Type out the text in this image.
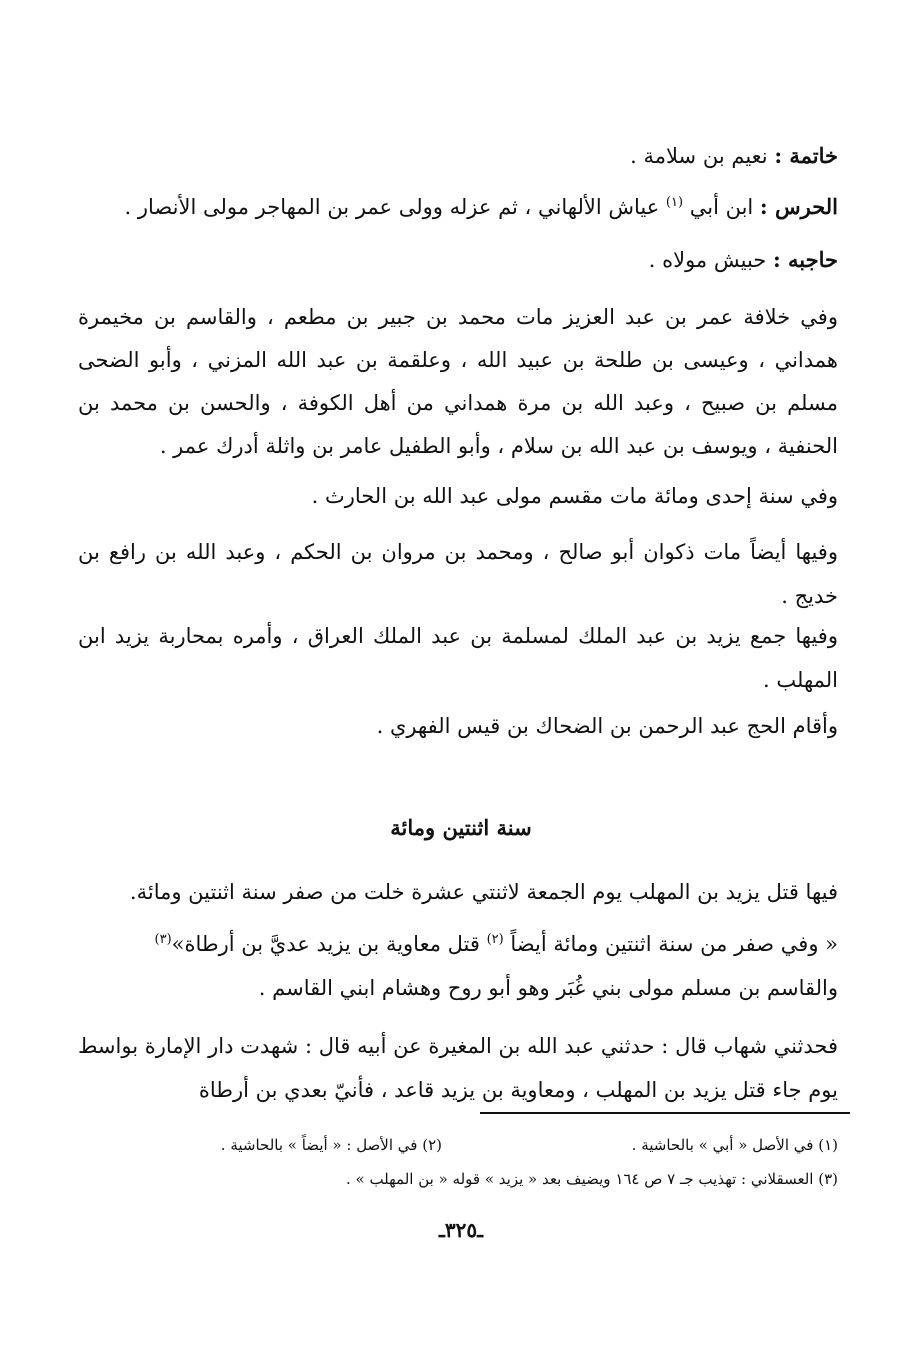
خاتمة : نعيم بن سلامة .
الحرس : ابن أبي $^{(١)}$ عياش الألهاني ، ثم عزله وولى عمر بن المهاجر مولى الأنصار .
حاجبه : حبيش مولاه .
وفي خلافة عمر بن عبد العزيز مات محمد بن جبير بن مطعم ، والقاسم بن مخيمرة همداني ، وعيسى بن طلحة بن عبيد الله ، وعلقمة بن عبد الله المزني ، وأبو الضحى مسلم بن صبيح ، وعبد الله بن مرة همداني من أهل الكوفة ، والحسن بن محمد بن الحنفية ، ويوسف بن عبد الله بن سلام ، وأبو الطفيل عامر بن واثلة أدرك عمر .
وفي سنة إحدى ومائة مات مقسم مولى عبد الله بن الحارث .
وفيها أيضاً مات ذكوان أبو صالح ، ومحمد بن مروان بن الحكم ، وعبد الله بن رافع بن خديج .
وفيها جمع يزيد بن عبد الملك لمسلمة بن عبد الملك العراق ، وأمره بمحاربة يزيد ابن المهلب .
وأقام الحج عبد الرحمن بن الضحاك بن قيس الفهري .
سنة اثنتين ومائة
فيها قتل يزيد بن المهلب يوم الجمعة لاثنتي عشرة خلت من صفر سنة اثنتين ومائة.
« وفي صفر من سنة اثنتين ومائة أيضاً $^{(٢)}$ قتل معاوية بن يزيد عديَّ بن أرطاة»$^{(٣)}$
والقاسم بن مسلم مولى بني غُبَر وهو أبو روح وهشام ابني القاسم .
فحدثني شهاب قال : حدثني عبد الله بن المغيرة عن أبيه قال : شهدت دار الإمارة بواسط يوم جاء قتل يزيد بن المهلب ، ومعاوية بن يزيد قاعد ، فأنيّ بعدي بن أرطاة
(١) في الأصل « أبي » بالحاشية .
(٢) في الأصل : « أيضاً » بالحاشية .
(٣) العسقلاني : تهذيب جـ ٧ ص ١٦٤ ويضيف بعد « يزيد » قوله « بن المهلب » .
ـ٣٢٥ـ
